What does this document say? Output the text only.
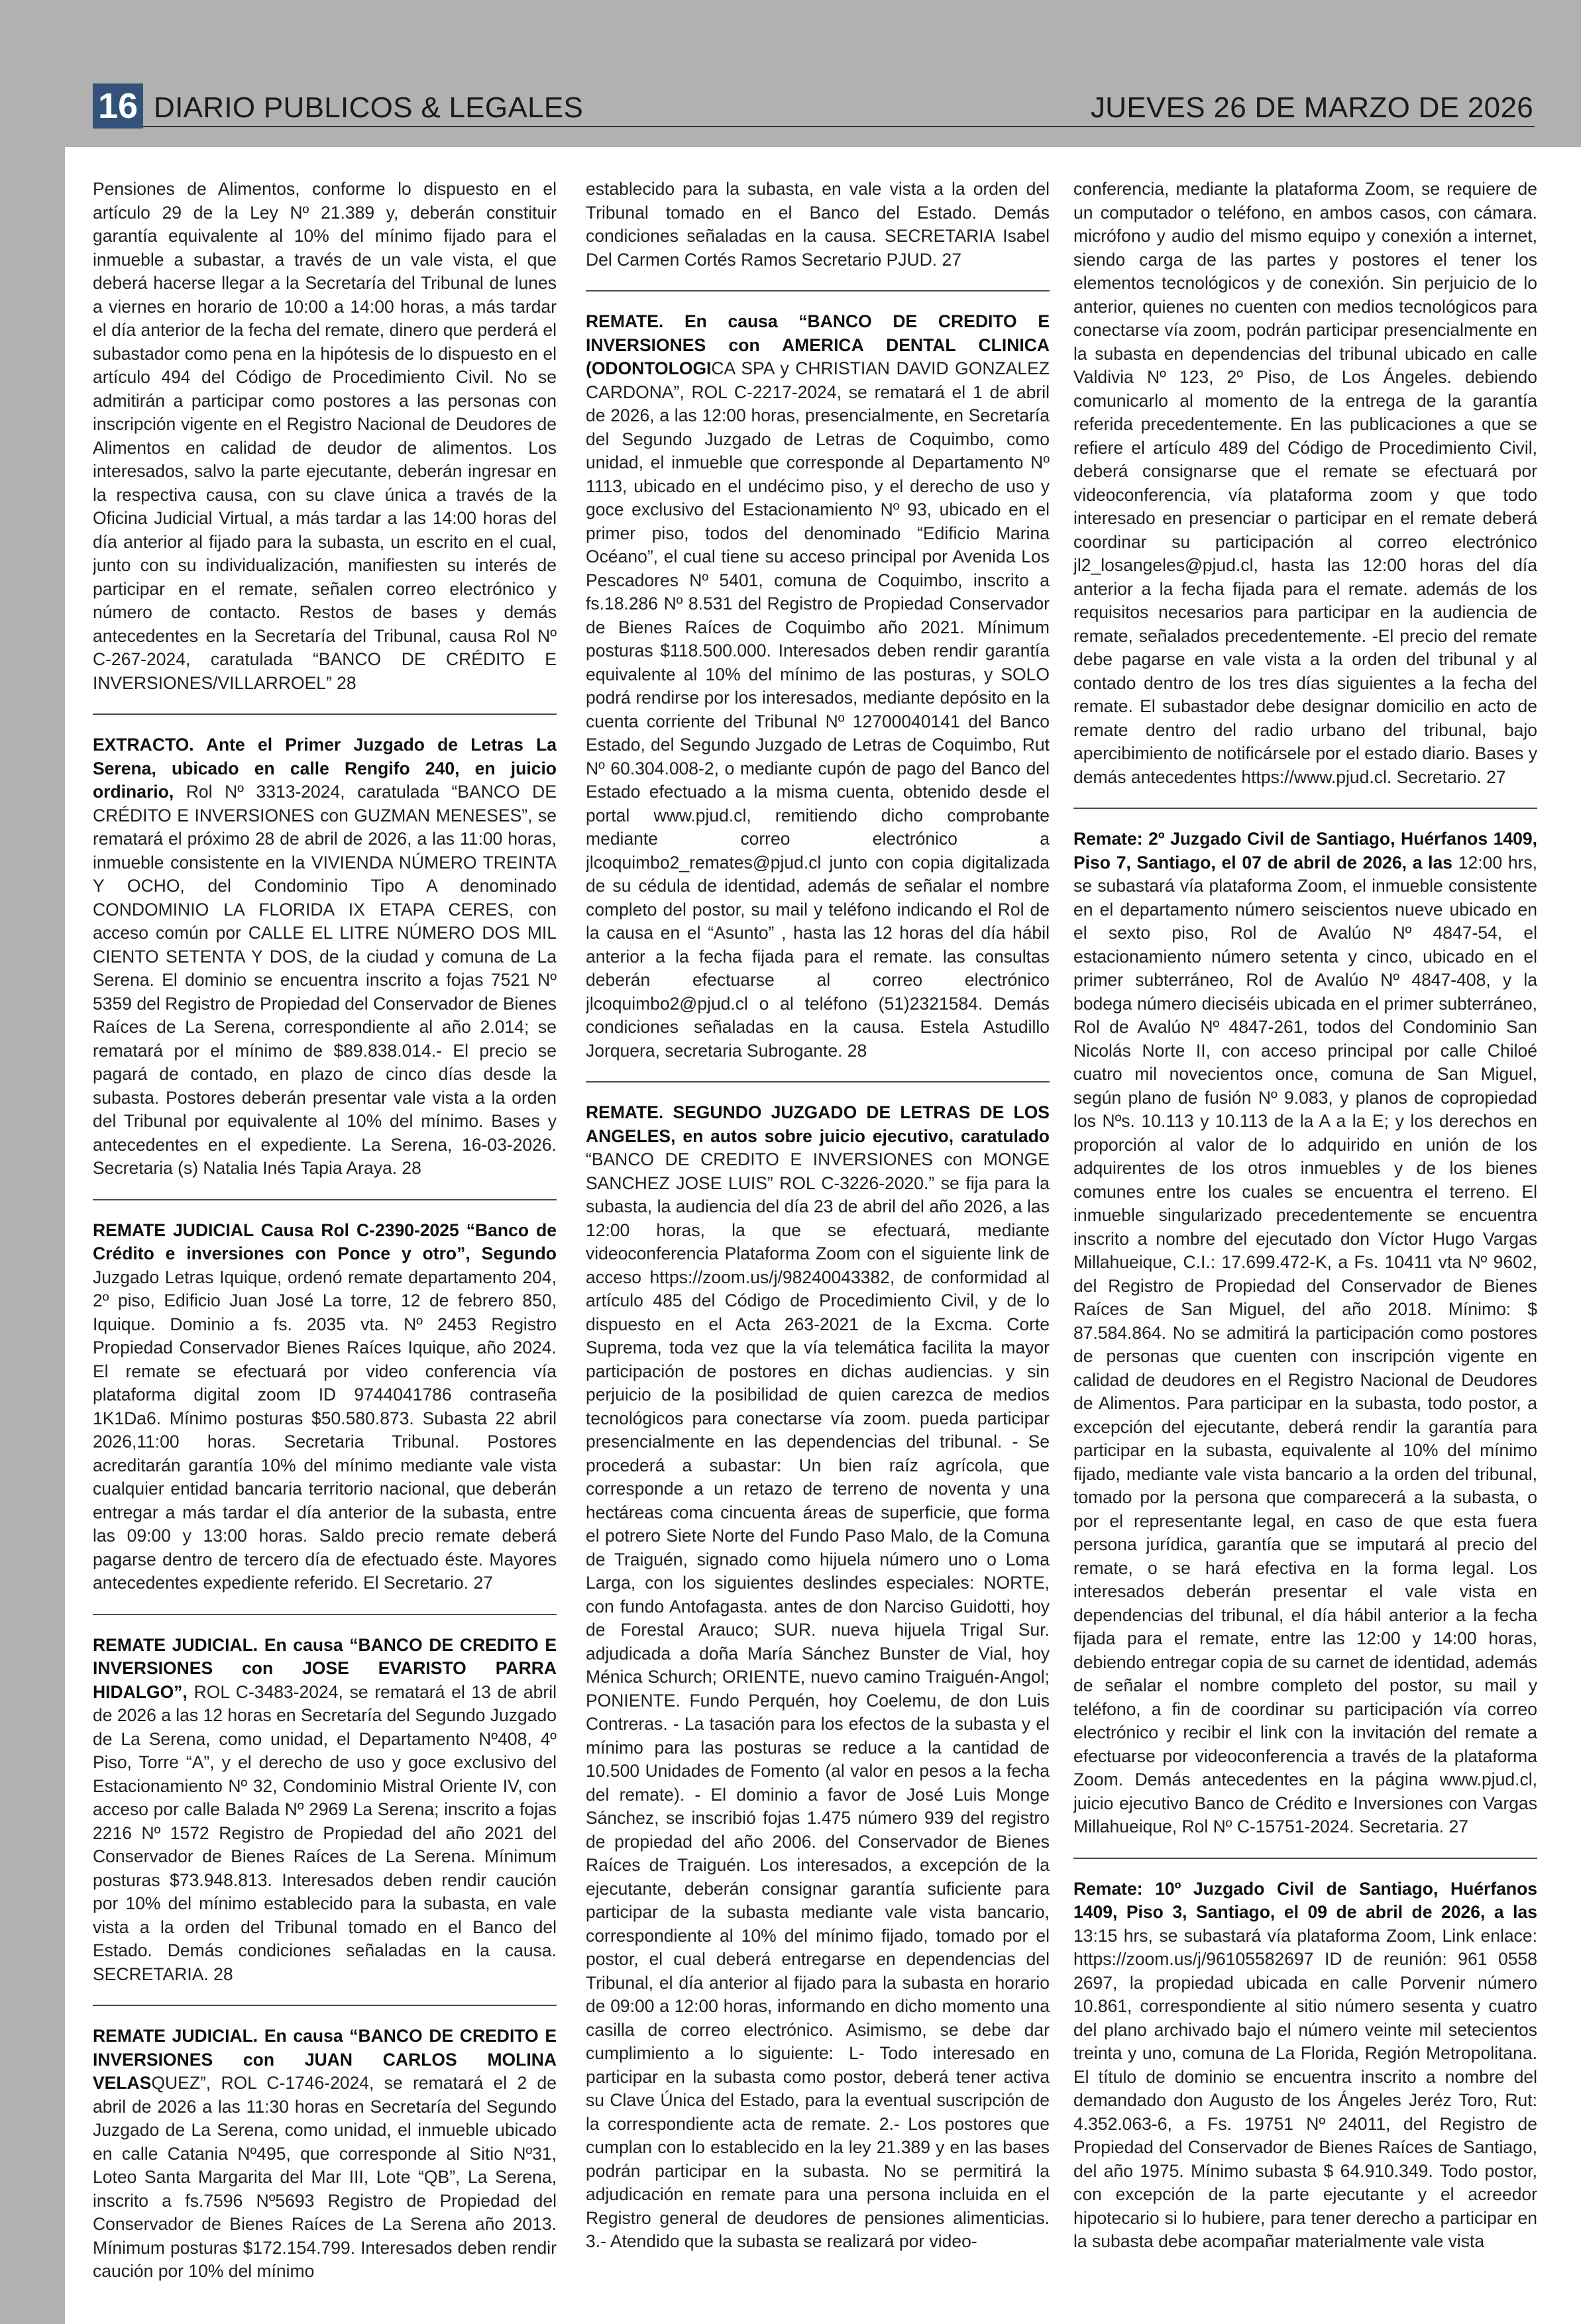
16 DIARIO PUBLICOS & LEGALES	JUEVES 26 DE MARZO DE 2026
Pensiones de Alimentos, conforme lo dispuesto en el artículo 29 de la Ley Nº 21.389 y, deberán constituir garantía equivalente al 10% del mínimo fijado para el inmueble a subastar, a través de un vale vista, el que deberá hacerse llegar a la Secretaría del Tribunal de lunes a viernes en horario de 10:00 a 14:00 horas, a más tardar el día anterior de la fecha del remate, dinero que perderá el subastador como pena en la hipótesis de lo dispuesto en el artículo 494 del Código de Procedimiento Civil. No se admitirán a participar como postores a las personas con inscripción vigente en el Registro Nacional de Deudores de Alimentos en calidad de deudor de alimentos. Los interesados, salvo la parte ejecutante, deberán ingresar en la respectiva causa, con su clave única a través de la Oficina Judicial Virtual, a más tardar a las 14:00 horas del día anterior al fijado para la subasta, un escrito en el cual, junto con su individualización, manifiesten su interés de participar en el remate, señalen correo electrónico y número de contacto. Restos de bases y demás antecedentes en la Secretaría del Tribunal, causa Rol Nº C-267-2024, caratulada “BANCO DE CRÉDITO E INVERSIONES/VILLARROEL” 28
EXTRACTO. Ante el Primer Juzgado de Letras La Serena, ubicado en calle Rengifo 240, en juicio ordinario, Rol Nº 3313-2024, caratulada “BANCO DE CRÉDITO E INVERSIONES con GUZMAN MENESES”, se rematará el próximo 28 de abril de 2026, a las 11:00 horas, inmueble consistente en la VIVIENDA NÚMERO TREINTA Y OCHO, del Condominio Tipo A denominado CONDOMINIO LA FLORIDA IX ETAPA CERES, con acceso común por CALLE EL LITRE NÚMERO DOS MIL CIENTO SETENTA Y DOS, de la ciudad y comuna de La Serena. El dominio se encuentra inscrito a fojas 7521 Nº 5359 del Registro de Propiedad del Conservador de Bienes Raíces de La Serena, correspondiente al año 2.014; se rematará por el mínimo de $89.838.014.- El precio se pagará de contado, en plazo de cinco días desde la subasta. Postores deberán presentar vale vista a la orden del Tribunal por equivalente al 10% del mínimo. Bases y antecedentes en el expediente. La Serena, 16-03-2026. Secretaria (s) Natalia Inés Tapia Araya. 28
REMATE JUDICIAL Causa Rol C-2390-2025 “Banco de Crédito e inversiones con Ponce y otro”, Segundo Juzgado Letras Iquique, ordenó remate departamento 204, 2º piso, Edificio Juan José La torre, 12 de febrero 850, Iquique. Dominio a fs. 2035 vta. Nº 2453 Registro Propiedad Conservador Bienes Raíces Iquique, año 2024. El remate se efectuará por video conferencia vía plataforma digital zoom ID 9744041786 contraseña 1K1Da6. Mínimo posturas $50.580.873. Subasta 22 abril 2026,11:00 horas. Secretaria Tribunal. Postores acreditarán garantía 10% del mínimo mediante vale vista cualquier entidad bancaria territorio nacional, que deberán entregar a más tardar el día anterior de la subasta, entre las 09:00 y 13:00 horas. Saldo precio remate deberá pagarse dentro de tercero día de efectuado éste. Mayores antecedentes expediente referido. El Secretario. 27
REMATE JUDICIAL. En causa “BANCO DE CREDITO E INVERSIONES con JOSE EVARISTO PARRA HIDALGO”, ROL C-3483-2024, se rematará el 13 de abril de 2026 a las 12 horas en Secretaría del Segundo Juzgado de La Serena, como unidad, el Departamento Nº408, 4º Piso, Torre “A”, y el derecho de uso y goce exclusivo del Estacionamiento Nº 32, Condominio Mistral Oriente IV, con acceso por calle Balada Nº 2969 La Serena; inscrito a fojas 2216 Nº 1572 Registro de Propiedad del año 2021 del Conservador de Bienes Raíces de La Serena. Mínimum posturas $73.948.813. Interesados deben rendir caución por 10% del mínimo establecido para la subasta, en vale vista a la orden del Tribunal tomado en el Banco del Estado. Demás condiciones señaladas en la causa. SECRETARIA. 28
REMATE JUDICIAL. En causa “BANCO DE CREDITO E INVERSIONES con JUAN CARLOS MOLINA VELASQUEZ”, ROL C-1746-2024, se rematará el 2 de abril de 2026 a las 11:30 horas en Secretaría del Segundo Juzgado de La Serena, como unidad, el inmueble ubicado en calle Catania Nº495, que corresponde al Sitio Nº31, Loteo Santa Margarita del Mar III, Lote “QB”, La Serena, inscrito a fs.7596 Nº5693 Registro de Propiedad del Conservador de Bienes Raíces de La Serena año 2013. Mínimum posturas $172.154.799. Interesados deben rendir caución por 10% del mínimo
establecido para la subasta, en vale vista a la orden del Tribunal tomado en el Banco del Estado. Demás condiciones señaladas en la causa. SECRETARIA Isabel Del Carmen Cortés Ramos Secretario PJUD. 27
REMATE. En causa “BANCO DE CREDITO E INVERSIONES con AMERICA DENTAL CLINICA (ODONTOLOGICA SPA y CHRISTIAN DAVID GONZALEZ CARDONA”, ROL C-2217-2024, se rematará el 1 de abril de 2026, a las 12:00 horas, presencialmente, en Secretaría del Segundo Juzgado de Letras de Coquimbo, como unidad, el inmueble que corresponde al Departamento Nº 1113, ubicado en el undécimo piso, y el derecho de uso y goce exclusivo del Estacionamiento Nº 93, ubicado en el primer piso, todos del denominado “Edificio Marina Océano”, el cual tiene su acceso principal por Avenida Los Pescadores Nº 5401, comuna de Coquimbo, inscrito a fs.18.286 Nº 8.531 del Registro de Propiedad Conservador de Bienes Raíces de Coquimbo año 2021. Mínimum posturas $118.500.000. Interesados deben rendir garantía equivalente al 10% del mínimo de las posturas, y SOLO podrá rendirse por los interesados, mediante depósito en la cuenta corriente del Tribunal Nº 12700040141 del Banco Estado, del Segundo Juzgado de Letras de Coquimbo, Rut Nº 60.304.008-2, o mediante cupón de pago del Banco del Estado efectuado a la misma cuenta, obtenido desde el portal www.pjud.cl, remitiendo dicho comprobante mediante correo electrónico a jlcoquimbo2_remates@pjud.cl junto con copia digitalizada de su cédula de identidad, además de señalar el nombre completo del postor, su mail y teléfono indicando el Rol de la causa en el “Asunto” , hasta las 12 horas del día hábil anterior a la fecha fijada para el remate. las consultas deberán efectuarse al correo electrónico jlcoquimbo2@pjud.cl o al teléfono (51)2321584. Demás condiciones señaladas en la causa. Estela Astudillo Jorquera, secretaria Subrogante. 28
REMATE. SEGUNDO JUZGADO DE LETRAS DE LOS ANGELES, en autos sobre juicio ejecutivo, caratulado “BANCO DE CREDITO E INVERSIONES con MONGE SANCHEZ JOSE LUIS” ROL C-3226-2020.” se fija para la subasta, la audiencia del día 23 de abril del año 2026, a las 12:00 horas, la que se efectuará, mediante videoconferencia Plataforma Zoom con el siguiente link de acceso https://zoom.us/j/98240043382, de conformidad al artículo 485 del Código de Procedimiento Civil, y de lo dispuesto en el Acta 263-2021 de la Excma. Corte Suprema, toda vez que la vía telemática facilita la mayor participación de postores en dichas audiencias. y sin perjuicio de la posibilidad de quien carezca de medios tecnológicos para conectarse vía zoom. pueda participar presencialmente en las dependencias del tribunal. - Se procederá a subastar: Un bien raíz agrícola, que corresponde a un retazo de terreno de noventa y una hectáreas coma cincuenta áreas de superficie, que forma el potrero Siete Norte del Fundo Paso Malo, de la Comuna de Traiguén, signado como hijuela número uno o Loma Larga, con los siguientes deslindes especiales: NORTE, con fundo Antofagasta. antes de don Narciso Guidotti, hoy de Forestal Arauco; SUR. nueva hijuela Trigal Sur. adjudicada a doña María Sánchez Bunster de Vial, hoy Ménica Schurch; ORIENTE, nuevo camino Traiguén-Angol; PONIENTE. Fundo Perquén, hoy Coelemu, de don Luis Contreras. - La tasación para los efectos de la subasta y el mínimo para las posturas se reduce a la cantidad de 10.500 Unidades de Fomento (al valor en pesos a la fecha del remate). - El dominio a favor de José Luis Monge Sánchez, se inscribió fojas 1.475 número 939 del registro de propiedad del año 2006. del Conservador de Bienes Raíces de Traiguén. Los interesados, a excepción de la ejecutante, deberán consignar garantía suficiente para participar de la subasta mediante vale vista bancario, correspondiente al 10% del mínimo fijado, tomado por el postor, el cual deberá entregarse en dependencias del Tribunal, el día anterior al fijado para la subasta en horario de 09:00 a 12:00 horas, informando en dicho momento una casilla de correo electrónico. Asimismo, se debe dar cumplimiento a lo siguiente: L- Todo interesado en participar en la subasta como postor, deberá tener activa su Clave Única del Estado, para la eventual suscripción de la correspondiente acta de remate. 2.- Los postores que cumplan con lo establecido en la ley 21.389 y en las bases podrán participar en la subasta. No se permitirá la adjudicación en remate para una persona incluida en el Registro general de deudores de pensiones alimenticias. 3.- Atendido que la subasta se realizará por video-
conferencia, mediante la plataforma Zoom, se requiere de un computador o teléfono, en ambos casos, con cámara. micrófono y audio del mismo equipo y conexión a internet, siendo carga de las partes y postores el tener los elementos tecnológicos y de conexión. Sin perjuicio de lo anterior, quienes no cuenten con medios tecnológicos para conectarse vía zoom, podrán participar presencialmente en la subasta en dependencias del tribunal ubicado en calle Valdivia Nº 123, 2º Piso, de Los Ángeles. debiendo comunicarlo al momento de la entrega de la garantía referida precedentemente. En las publicaciones a que se refiere el artículo 489 del Código de Procedimiento Civil, deberá consignarse que el remate se efectuará por videoconferencia, vía plataforma zoom y que todo interesado en presenciar o participar en el remate deberá coordinar su participación al correo electrónico jl2_losangeles@pjud.cl, hasta las 12:00 horas del día anterior a la fecha fijada para el remate. además de los requisitos necesarios para participar en la audiencia de remate, señalados precedentemente. -El precio del remate debe pagarse en vale vista a la orden del tribunal y al contado dentro de los tres días siguientes a la fecha del remate. El subastador debe designar domicilio en acto de remate dentro del radio urbano del tribunal, bajo apercibimiento de notificársele por el estado diario. Bases y demás antecedentes https://www.pjud.cl. Secretario. 27
Remate: 2º Juzgado Civil de Santiago, Huérfanos 1409, Piso 7, Santiago, el 07 de abril de 2026, a las 12:00 hrs, se subastará vía plataforma Zoom, el inmueble consistente en el departamento número seiscientos nueve ubicado en el sexto piso, Rol de Avalúo Nº 4847-54, el estacionamiento número setenta y cinco, ubicado en el primer subterráneo, Rol de Avalúo Nº 4847-408, y la bodega número dieciséis ubicada en el primer subterráneo, Rol de Avalúo Nº 4847-261, todos del Condominio San Nicolás Norte II, con acceso principal por calle Chiloé cuatro mil novecientos once, comuna de San Miguel, según plano de fusión Nº 9.083, y planos de copropiedad los Nºs. 10.113 y 10.113 de la A a la E; y los derechos en proporción al valor de lo adquirido en unión de los adquirentes de los otros inmuebles y de los bienes comunes entre los cuales se encuentra el terreno. El inmueble singularizado precedentemente se encuentra inscrito a nombre del ejecutado don Víctor Hugo Vargas Millahueique, C.I.: 17.699.472-K, a Fs. 10411 vta Nº 9602, del Registro de Propiedad del Conservador de Bienes Raíces de San Miguel, del año 2018. Mínimo: $ 87.584.864. No se admitirá la participación como postores de personas que cuenten con inscripción vigente en calidad de deudores en el Registro Nacional de Deudores de Alimentos. Para participar en la subasta, todo postor, a excepción del ejecutante, deberá rendir la garantía para participar en la subasta, equivalente al 10% del mínimo fijado, mediante vale vista bancario a la orden del tribunal, tomado por la persona que comparecerá a la subasta, o por el representante legal, en caso de que esta fuera persona jurídica, garantía que se imputará al precio del remate, o se hará efectiva en la forma legal. Los interesados deberán presentar el vale vista en dependencias del tribunal, el día hábil anterior a la fecha fijada para el remate, entre las 12:00 y 14:00 horas, debiendo entregar copia de su carnet de identidad, además de señalar el nombre completo del postor, su mail y teléfono, a fin de coordinar su participación vía correo electrónico y recibir el link con la invitación del remate a efectuarse por videoconferencia a través de la plataforma Zoom. Demás antecedentes en la página www.pjud.cl, juicio ejecutivo Banco de Crédito e Inversiones con Vargas Millahueique, Rol Nº C-15751-2024. Secretaria. 27
Remate: 10º Juzgado Civil de Santiago, Huérfanos 1409, Piso 3, Santiago, el 09 de abril de 2026, a las 13:15 hrs, se subastará vía plataforma Zoom, Link enlace: https://zoom.us/j/96105582697 ID de reunión: 961 0558 2697, la propiedad ubicada en calle Porvenir número 10.861, correspondiente al sitio número sesenta y cuatro del plano archivado bajo el número veinte mil setecientos treinta y uno, comuna de La Florida, Región Metropolitana. El título de dominio se encuentra inscrito a nombre del demandado don Augusto de los Ángeles Jeréz Toro, Rut: 4.352.063-6, a Fs. 19751 Nº 24011, del Registro de Propiedad del Conservador de Bienes Raíces de Santiago, del año 1975. Mínimo subasta $ 64.910.349. Todo postor, con excepción de la parte ejecutante y el acreedor hipotecario si lo hubiere, para tener derecho a participar en la subasta debe acompañar materialmente vale vista
